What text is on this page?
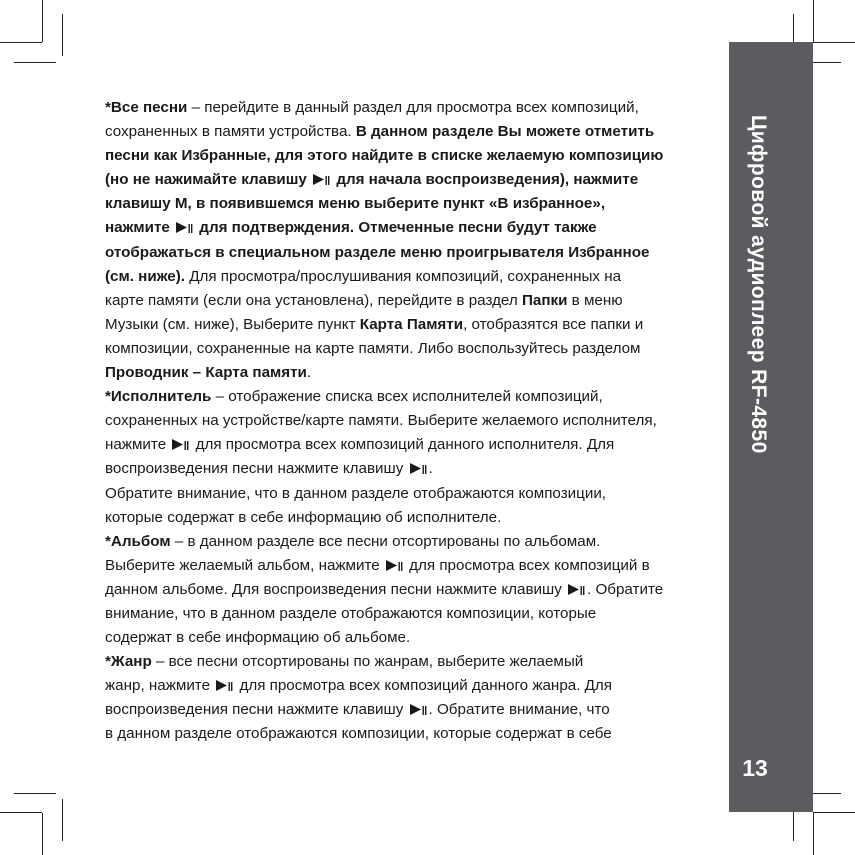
Цифровой аудиоплеер RF-4850
13
*Все песни – перейдите в данный раздел для просмотра всех композиций,
сохраненных в памяти устройства. В данном разделе Вы можете отметить
песни как Избранные, для этого найдите в списке желаемую композицию
(но не нажимайте клавишу  для начала воспроизведения), нажмите
клавишу M, в появившемся меню выберите пункт «В избранное»,
нажмите  для подтверждения. Отмеченные песни будут также
отображаться в специальном разделе меню проигрывателя Избранное
(см. ниже). Для просмотра/прослушивания композиций, сохраненных на
карте памяти (если она установлена), перейдите в раздел Папки в меню
Музыки (см. ниже), Выберите пункт Карта Памяти, отобразятся все папки и
композиции, сохраненные на карте памяти. Либо воспользуйтесь разделом
Проводник – Карта памяти.
*Исполнитель – отображение списка всех исполнителей композиций,
сохраненных на устройстве/карте памяти. Выберите желаемого исполнителя,
нажмите  для просмотра всех композиций данного исполнителя. Для
воспроизведения песни нажмите клавишу .
Обратите внимание, что в данном разделе отображаются композиции,
которые содержат в себе информацию об исполнителе.
*Альбом – в данном разделе все песни отсортированы по альбомам.
Выберите желаемый альбом, нажмите  для просмотра всех композиций в
данном альбоме. Для воспроизведения песни нажмите клавишу . Обратите
внимание, что в данном разделе отображаются композиции, которые
содержат в себе информацию об альбоме.
*Жанр – все песни отсортированы по жанрам, выберите желаемый
жанр, нажмите  для просмотра всех композиций данного жанра. Для
воспроизведения песни нажмите клавишу . Обратите внимание, что
в данном разделе отображаются композиции, которые содержат в себе
